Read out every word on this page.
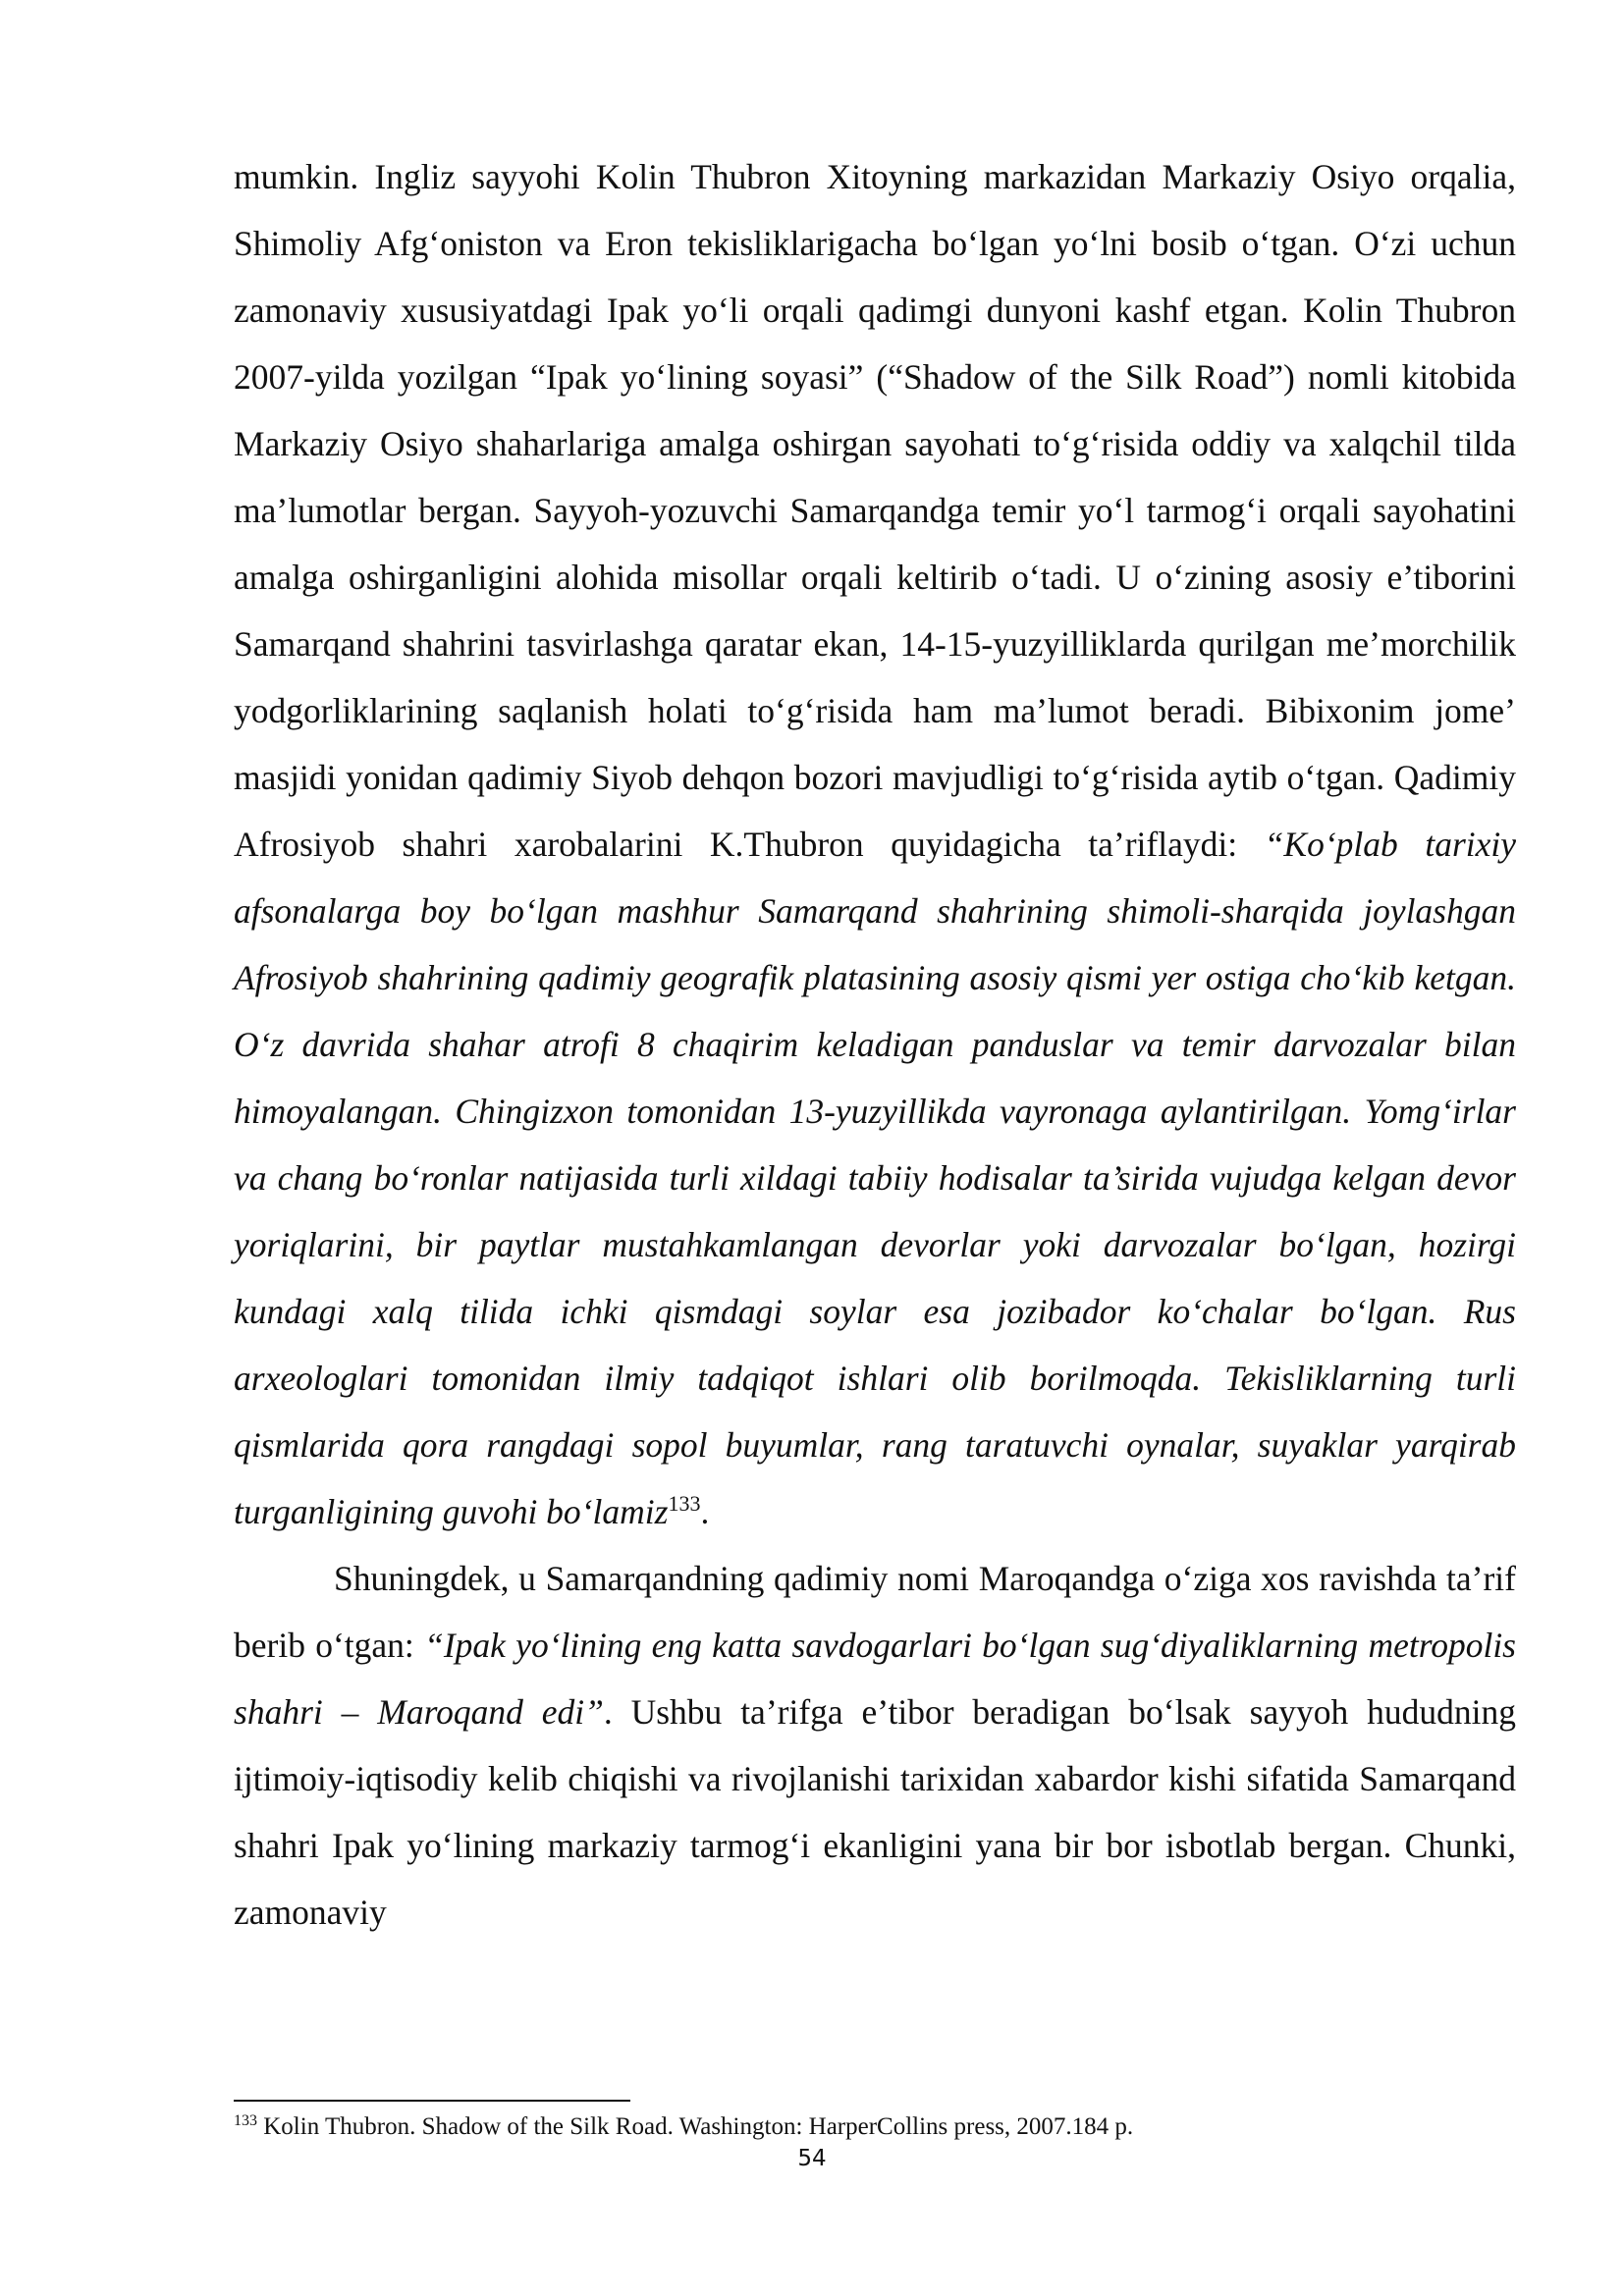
mumkin. Ingliz sayyohi Kolin Thubron Xitoyning markazidan Markaziy Osiyo orqalia, Shimoliy Afg‘oniston va Eron tekisliklarigacha bo‘lgan yo‘lni bosib o‘tgan. O‘zi uchun zamonaviy xususiyatdagi Ipak yo‘li orqali qadimgi dunyoni kashf etgan. Kolin Thubron 2007-yilda yozilgan “Ipak yo‘lining soyasi” (“Shadow of the Silk Road”) nomli kitobida Markaziy Osiyo shaharlariga amalga oshirgan sayohati to‘g‘risida oddiy va xalqchil tilda ma’lumotlar bergan. Sayyoh-yozuvchi Samarqandga temir yo‘l tarmog‘i orqali sayohatini amalga oshirganligini alohida misollar orqali keltirib o‘tadi. U o‘zining asosiy e’tiborini Samarqand shahrini tasvirlashga qaratar ekan, 14-15-yuzyilliklarda qurilgan me’morchilik yodgorliklarining saqlanish holati to‘g‘risida ham ma’lumot beradi. Bibixonim jome’ masjidi yonidan qadimiy Siyob dehqon bozori mavjudligi to‘g‘risida aytib o‘tgan. Qadimiy Afrosiyob shahri xarobalarini K.Thubron quyidagicha ta’riflaydi: “Ko‘plab tarixiy afsonalarga boy bo‘lgan mashhur Samarqand shahrining shimoli-sharqida joylashgan Afrosiyob shahrining qadimiy geografik platasining asosiy qismi yer ostiga cho‘kib ketgan. O‘z davrida shahar atrofi 8 chaqirim keladigan panduslar va temir darvozalar bilan himoyalangan. Chingizxon tomonidan 13-yuzyillikda vayronaga aylantirilgan. Yomg‘irlar va chang bo‘ronlar natijasida turli xildagi tabiiy hodisalar ta’sirida vujudga kelgan devor yoriqlarini, bir paytlar mustahkamlangan devorlar yoki darvozalar bo‘lgan, hozirgi kundagi xalq tilida ichki qismdagi soylar esa jozibador ko‘chalar bo‘lgan. Rus arxeologlari tomonidan ilmiy tadqiqot ishlari olib borilmoqda. Tekisliklarning turli qismlarida qora rangdagi sopol buyumlar, rang taratuvchi oynalar, suyaklar yarqirab turganligining guvohi bo‘lamiz$^{133}$.

Shuningdek, u Samarqandning qadimiy nomi Maroqandga o‘ziga xos ravishda ta’rif berib o‘tgan: “Ipak yo‘lining eng katta savdogarlari bo‘lgan sug‘diyaliklarning metropolis shahri – Maroqand edi”. Ushbu ta’rifga e’tibor beradigan bo‘lsak sayyoh hududning ijtimoiy-iqtisodiy kelib chiqishi va rivojlanishi tarixidan xabardor kishi sifatida Samarqand shahri Ipak yo‘lining markaziy tarmog‘i ekanligini yana bir bor isbotlab bergan. Chunki, zamonaviy

$^{133}$ Kolin Thubron. Shadow of the Silk Road. Washington: HarperCollins press, 2007.184 p.
54
